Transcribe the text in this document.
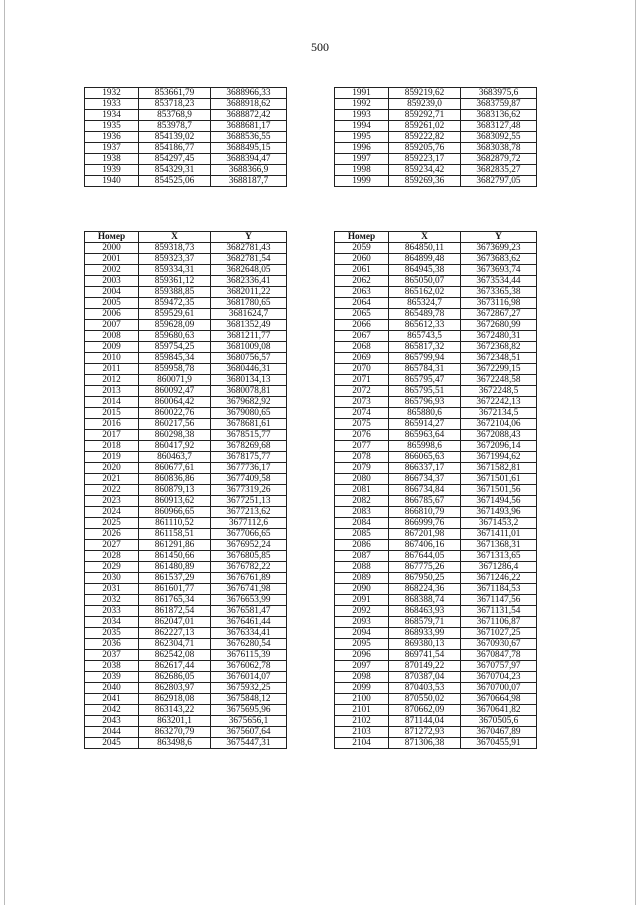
500
1932	853661,79	3688966,33
1933	853718,23	3688918,62
1934	853768,9	3688872,42
1935	853978,7	3688681,17
1936	854139,02	3688536,55
1937	854186,77	3688495,15
1938	854297,45	3688394,47
1939	854329,31	3688366,9
1940	854525,06	3688187,7
1991	859219,62	3683975,6
1992	859239,0	3683759,87
1993	859292,71	3683136,62
1994	859261,02	3683127,48
1995	859222,82	3683092,55
1996	859205,76	3683038,78
1997	859223,17	3682879,72
1998	859234,42	3682835,27
1999	859269,36	3682797,05
Номер	X	Y
2000	859318,73	3682781,43
2001	859323,37	3682781,54
2002	859334,31	3682648,05
2003	859361,12	3682336,41
2004	859388,85	3682011,22
2005	859472,35	3681780,65
2006	859529,61	3681624,7
2007	859628,09	3681352,49
2008	859680,63	3681211,77
2009	859754,25	3681009,08
2010	859845,34	3680756,57
2011	859958,78	3680446,31
2012	860071,9	3680134,13
2013	860092,47	3680078,81
2014	860064,42	3679682,92
2015	860022,76	3679080,65
2016	860217,56	3678681,61
2017	860298,38	3678515,77
2018	860417,92	3678269,68
2019	860463,7	3678175,77
2020	860677,61	3677736,17
2021	860836,86	3677409,58
2022	860879,13	3677319,26
2023	860913,62	3677251,13
2024	860966,65	3677213,62
2025	861110,52	3677112,6
2026	861158,51	3677066,65
2027	861291,86	3676952,24
2028	861450,66	3676805,85
2029	861480,89	3676782,22
2030	861537,29	3676761,89
2031	861601,77	3676741,98
2032	861765,34	3676653,99
2033	861872,54	3676581,47
2034	862047,01	3676461,44
2035	862227,13	3676334,41
2036	862304,71	3676280,54
2037	862542,08	3676115,39
2038	862617,44	3676062,78
2039	862686,05	3676014,07
2040	862803,97	3675932,25
2041	862918,08	3675848,12
2042	863143,22	3675695,96
2043	863201,1	3675656,1
2044	863270,79	3675607,64
2045	863498,6	3675447,31
Номер	X	Y
2059	864850,11	3673699,23
2060	864899,48	3673683,62
2061	864945,38	3673693,74
2062	865050,07	3673534,44
2063	865162,02	3673365,38
2064	865324,7	3673116,98
2065	865489,78	3672867,27
2066	865612,33	3672680,99
2067	865743,5	3672480,31
2068	865817,32	3672368,82
2069	865799,94	3672348,51
2070	865784,31	3672299,15
2071	865795,47	3672248,58
2072	865795,51	3672248,5
2073	865796,93	3672242,13
2074	865880,6	3672134,5
2075	865914,27	3672104,06
2076	865963,64	3672088,43
2077	865998,6	3672096,14
2078	866065,63	3671994,62
2079	866337,17	3671582,81
2080	866734,37	3671501,61
2081	866734,84	3671501,56
2082	866785,67	3671494,56
2083	866810,79	3671493,96
2084	866999,76	3671453,2
2085	867201,98	3671411,01
2086	867406,16	3671368,31
2087	867644,05	3671313,65
2088	867775,26	3671286,4
2089	867950,25	3671246,22
2090	868224,36	3671184,53
2091	868388,74	3671147,56
2092	868463,93	3671131,54
2093	868579,71	3671106,87
2094	868933,99	3671027,25
2095	869380,13	3670930,67
2096	869741,54	3670847,78
2097	870149,22	3670757,97
2098	870387,04	3670704,23
2099	870403,53	3670700,07
2100	870550,02	3670664,98
2101	870662,09	3670641,82
2102	871144,04	3670505,6
2103	871272,93	3670467,89
2104	871306,38	3670455,91
